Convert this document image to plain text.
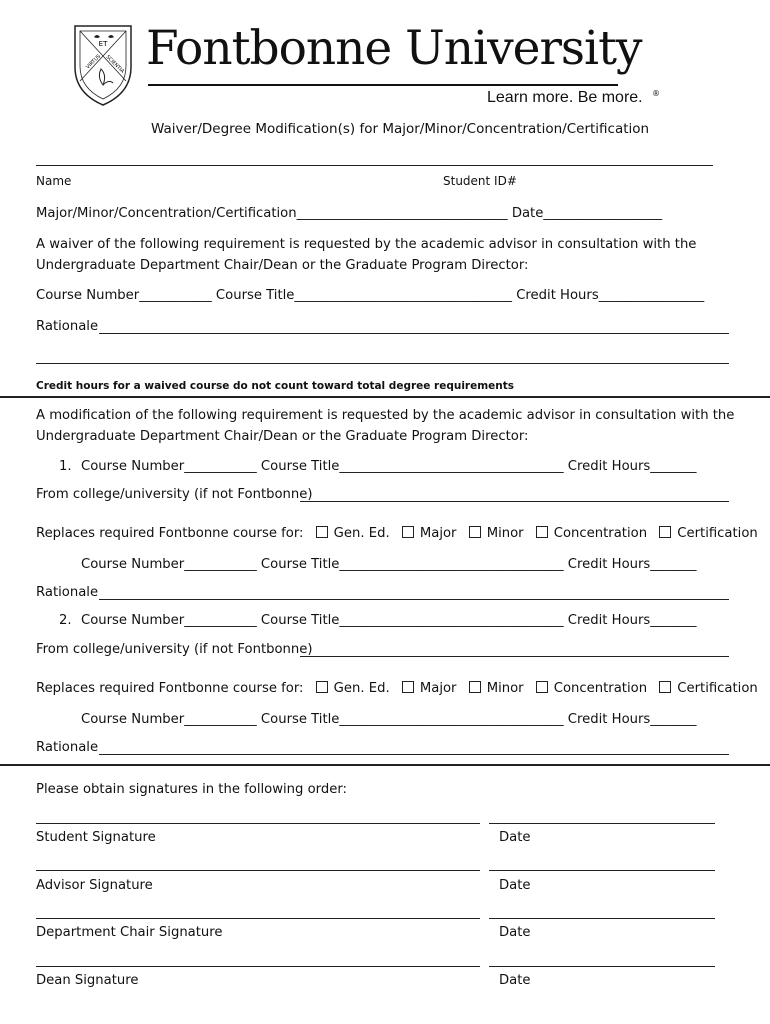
ET
VIRTUS SCIENTIA Fontbonne University
Learn more. Be more. ®
Waiver/Degree Modification(s) for Major/Minor/Concentration/Certification
Name	Student ID#
Major/Minor/Concentration/Certification________________________________ Date__________________
A waiver of the following requirement is requested by the academic advisor in consultation with the
Undergraduate Department Chair/Dean or the Graduate Program Director:
Course Number___________ Course Title_________________________________ Credit Hours________________
Rationale
Credit hours for a waived course do not count toward total degree requirements
A modification of the following requirement is requested by the academic advisor in consultation with the
Undergraduate Department Chair/Dean or the Graduate Program Director:
1. Course Number___________ Course Title__________________________________ Credit Hours_______
From college/university (if not Fontbonne)
Replaces required Fontbonne course for: Gen. Ed. Major Minor Concentration Certification
Course Number___________ Course Title__________________________________ Credit Hours_______
Rationale
2. Course Number___________ Course Title__________________________________ Credit Hours_______
From college/university (if not Fontbonne)
Replaces required Fontbonne course for: Gen. Ed. Major Minor Concentration Certification
Course Number___________ Course Title__________________________________ Credit Hours_______
Rationale
Please obtain signatures in the following order:
Student Signature	Date
Advisor Signature	Date
Department Chair Signature	Date
Dean Signature	Date
